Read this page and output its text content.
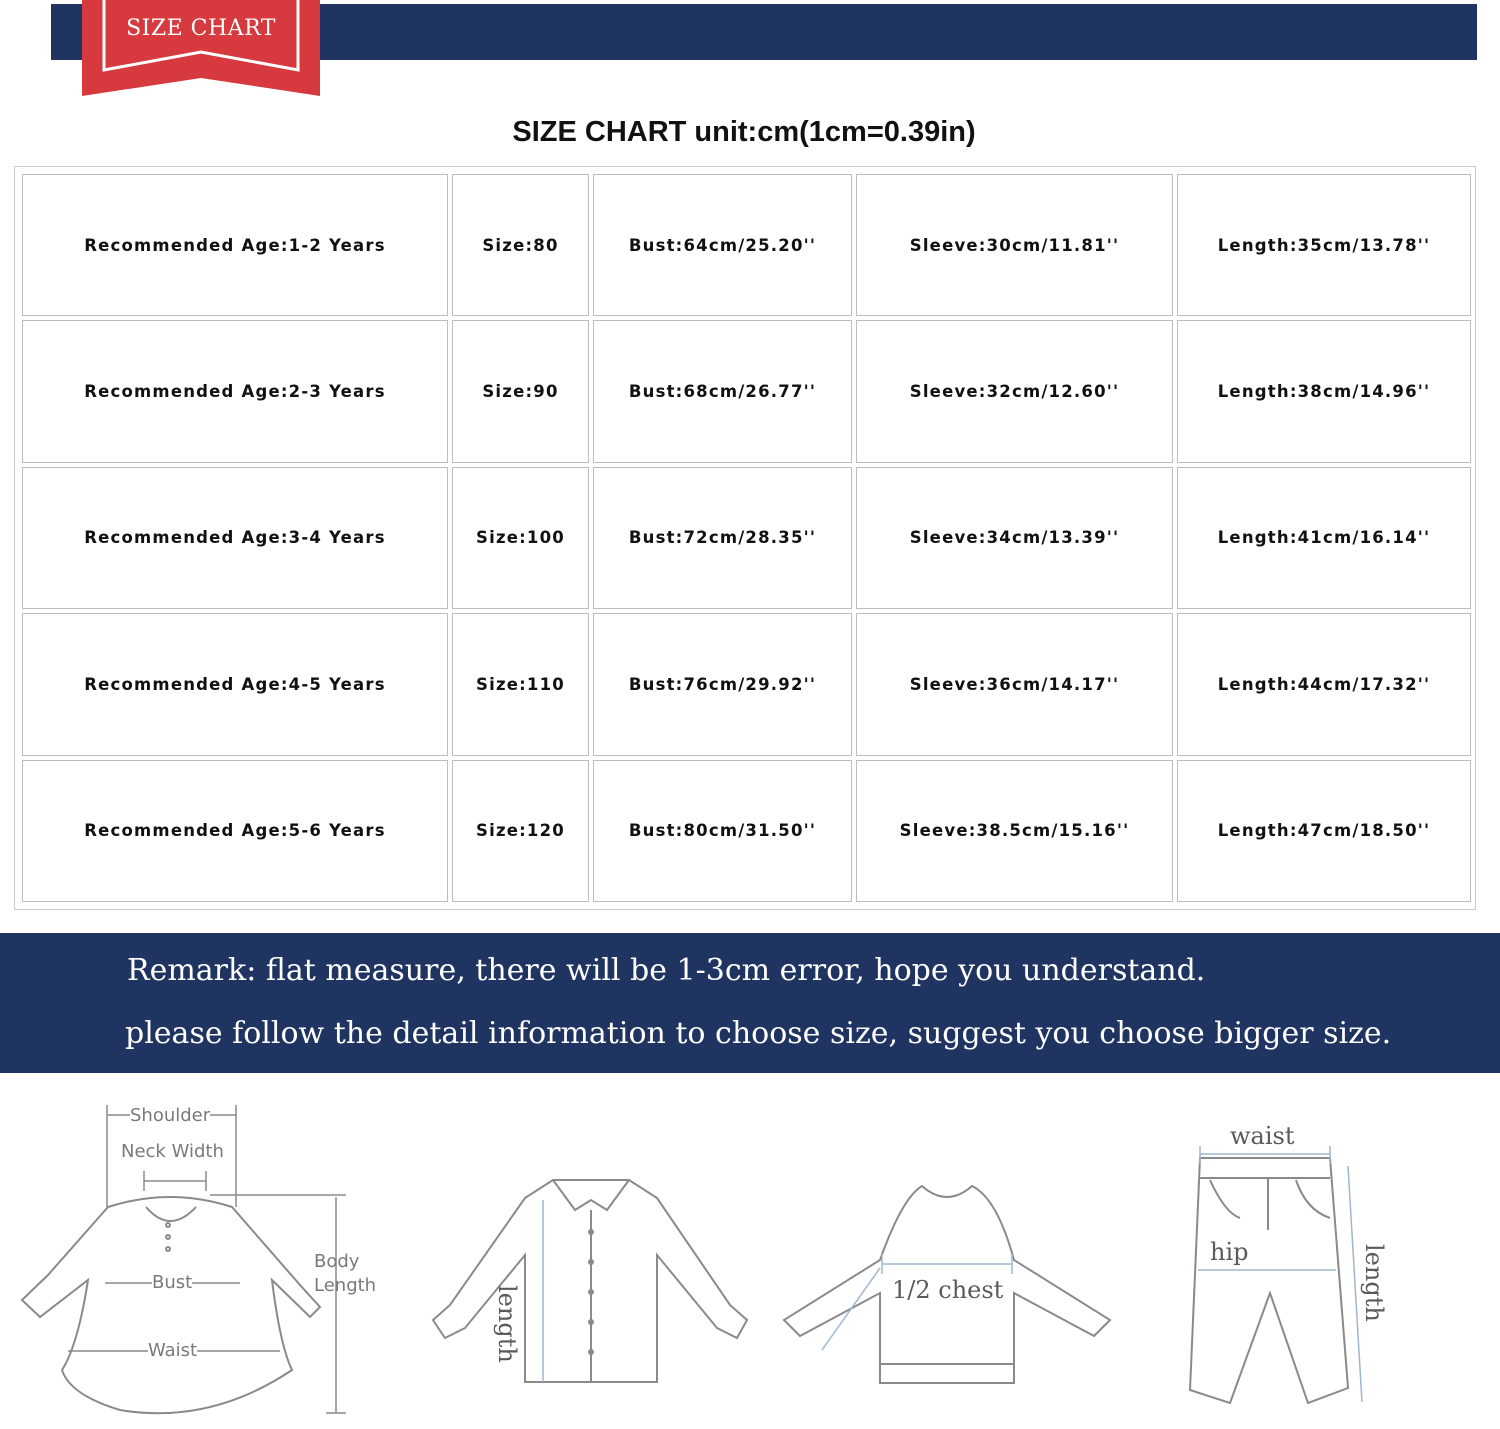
SIZE CHART
SIZE CHART unit:cm(1cm=0.39in)
Recommended Age:1-2 Years	Size:80	Bust:64cm/25.20''	Sleeve:30cm/11.81''	Length:35cm/13.78''
Recommended Age:2-3 Years	Size:90	Bust:68cm/26.77''	Sleeve:32cm/12.60''	Length:38cm/14.96''
Recommended Age:3-4 Years	Size:100	Bust:72cm/28.35''	Sleeve:34cm/13.39''	Length:41cm/16.14''
Recommended Age:4-5 Years	Size:110	Bust:76cm/29.92''	Sleeve:36cm/14.17''	Length:44cm/17.32''
Recommended Age:5-6 Years	Size:120	Bust:80cm/31.50''	Sleeve:38.5cm/15.16''	Length:47cm/18.50''
Remark: flat measure, there will be 1-3cm error, hope you understand.
please follow the detail information to choose size, suggest you choose bigger size.
Shoulder
Neck Width
Body
Length
Bust
Waist	length	1/2 chest
waist
hip	length
